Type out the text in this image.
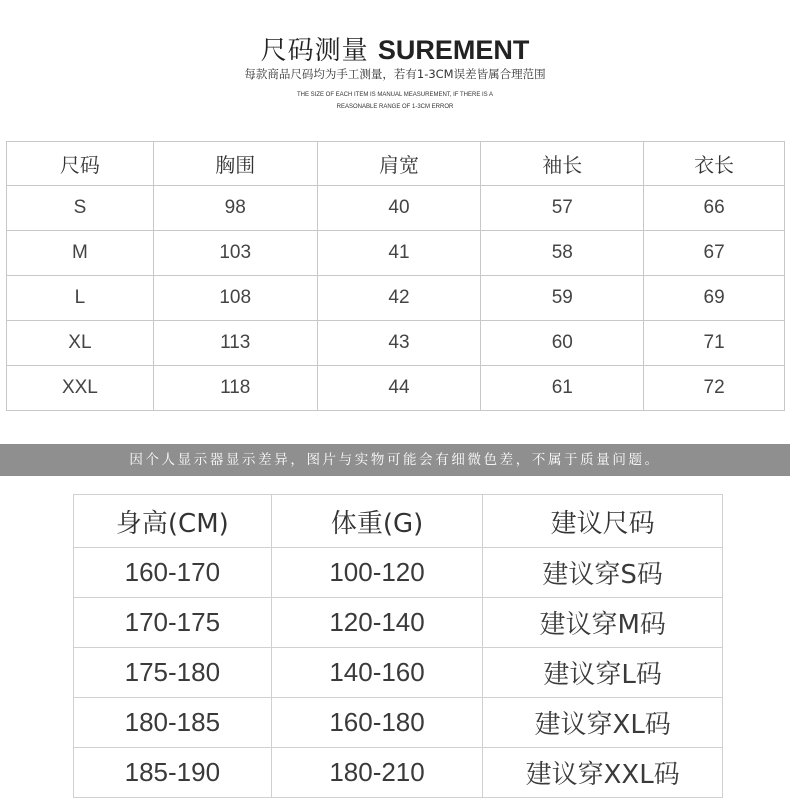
尺码测量 SUREMENT
每款商品尺码均为手工测量，若有1-3CM误差皆属合理范围
THE SIZE OF EACH ITEM IS MANUAL MEASUREMENT, IF THERE IS A
REASONABLE RANGE OF 1-3CM ERROR
尺码	胸围	肩宽	袖长	衣长
S	98	40	57	66
M	103	41	58	67
L	108	42	59	69
XL	113	43	60	71
XXL	118	44	61	72
因个人显示器显示差异，图片与实物可能会有细微色差，不属于质量问题。
身高(CM)	体重(G)	建议尺码
160-170	100-120	建议穿S码
170-175	120-140	建议穿M码
175-180	140-160	建议穿L码
180-185	160-180	建议穿XL码
185-190	180-210	建议穿XXL码
